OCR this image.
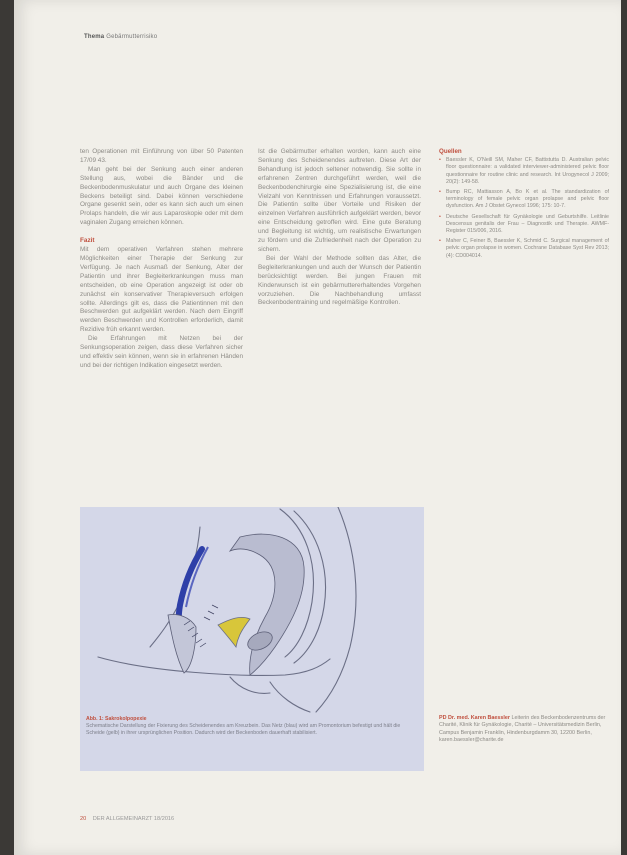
Thema Gebärmutterrisiko

ten Operationen mit Einführung von über 50 Patenten 17/09 43.

Man geht bei der Senkung auch einer anderen Stellung aus, wobei die Bänder und die Beckenbodenmuskulatur und auch Organe des kleinen Beckens beteiligt sind. Dabei können verschiedene Organe gesenkt sein, oder es kann sich auch um einen Prolaps handeln, die wir aus Laparoskopie oder mit dem vaginalen Zugang erreichen können.

Fazit

Mit dem operativen Verfahren stehen mehrere Möglichkeiten einer Therapie der Senkung zur Verfügung. Je nach Ausmaß der Senkung, Alter der Patientin und ihrer Begleiterkrankungen muss man entscheiden, ob eine Operation angezeigt ist oder ob zunächst ein konservativer Therapieversuch erfolgen sollte. Allerdings gilt es, dass die Patientinnen mit den Beschwerden gut aufgeklärt werden. Nach dem Eingriff werden Beschwerden und Kontrollen erforderlich, damit Rezidive früh erkannt werden.

Die Erfahrungen mit Netzen bei der Senkungsoperation zeigen, dass diese Verfahren sicher und effektiv sein können, wenn sie in erfahrenen Händen und bei der richtigen Indikation eingesetzt werden.

Ist die Gebärmutter erhalten worden, kann auch eine Senkung des Scheidenendes auftreten. Diese Art der Behandlung ist jedoch seltener notwendig. Sie sollte in erfahrenen Zentren durchgeführt werden, weil die Beckenbodenchirurgie eine Spezialisierung ist, die eine Vielzahl von Kenntnissen und Erfahrungen voraussetzt. Die Patientin sollte über Vorteile und Risiken der einzelnen Verfahren ausführlich aufgeklärt werden, bevor eine Entscheidung getroffen wird. Eine gute Beratung und Begleitung ist wichtig, um realistische Erwartungen zu fördern und die Zufriedenheit nach der Operation zu sichern.

Bei der Wahl der Methode sollten das Alter, die Begleiterkrankungen und auch der Wunsch der Patientin berücksichtigt werden. Bei jungen Frauen mit Kinderwunsch ist ein gebärmuttererhaltendes Vorgehen vorzuziehen. Die Nachbehandlung umfasst Beckenbodentraining und regelmäßige Kontrollen.

Quellen
• Baessler K, O'Neill SM, Maher CF, Battistutta D. Australian pelvic floor questionnaire: a validated interviewer-administered pelvic floor questionnaire for routine clinic and research. Int Urogynecol J 2009; 20(2): 149-58.
• Bump RC, Mattiasson A, Bo K et al. The standardization of terminology of female pelvic organ prolapse and pelvic floor dysfunction. Am J Obstet Gynecol 1996; 175: 10-7.
• Deutsche Gesellschaft für Gynäkologie und Geburtshilfe. Leitlinie Descensus genitalis der Frau – Diagnostik und Therapie. AWMF-Register 015/006, 2016.
• Maher C, Feiner B, Baessler K, Schmid C. Surgical management of pelvic organ prolapse in women. Cochrane Database Syst Rev 2013; (4): CD004014.
Abb. 1: Sakrokolpopexie
Schematische Darstellung der Fixierung des Scheidenendes am Kreuzbein. Das Netz (blau) wird am Promontorium befestigt und hält die Scheide (gelb) in ihrer ursprünglichen Position. Dadurch wird der Beckenboden dauerhaft stabilisiert.
PD Dr. med. Karen Baessler Leiterin des Beckenbodenzentrums der Charité, Klinik für Gynäkologie, Charité – Universitätsmedizin Berlin, Campus Benjamin Franklin, Hindenburgdamm 30, 12200 Berlin, karen.baessler@charite.de
20 DER ALLGEMEINARZT 18/2016
